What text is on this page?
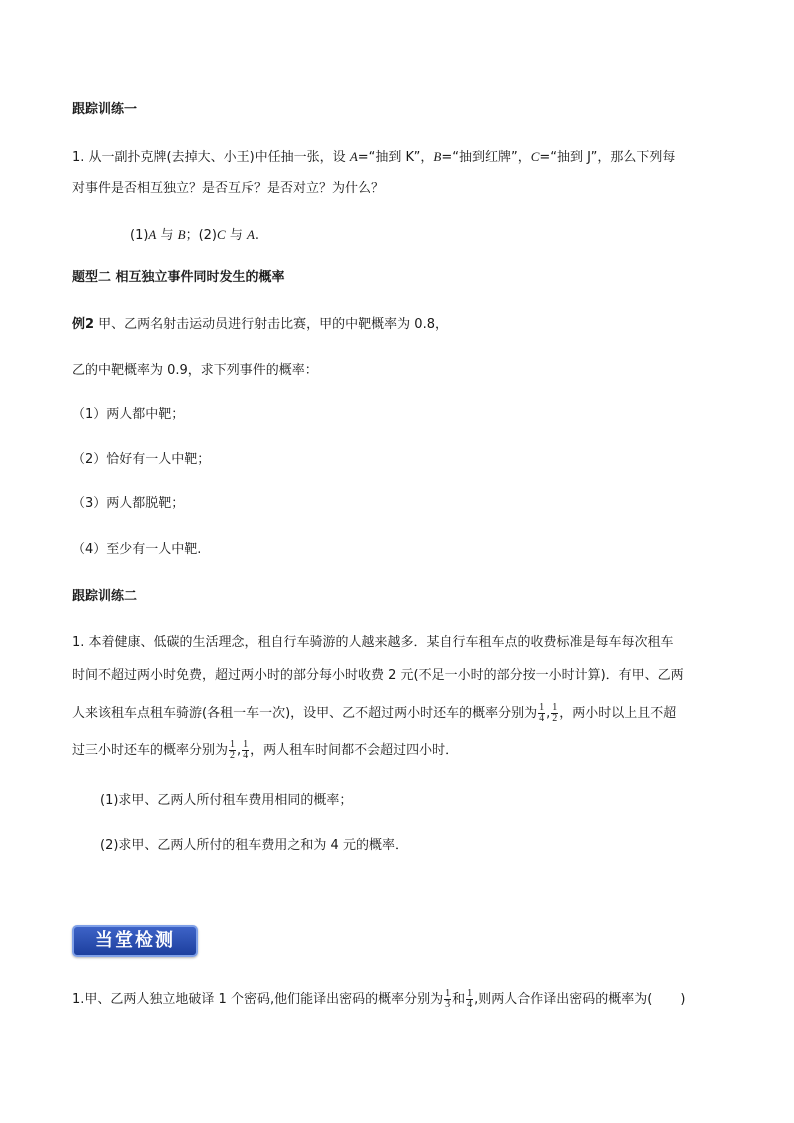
跟踪训练一
1. 从一副扑克牌(去掉大、小王)中任抽一张，设 A=“抽到 K”，B=“抽到红牌”，C=“抽到 J”，那么下列每
对事件是否相互独立？是否互斥？是否对立？为什么？
(1)A 与 B；(2)C 与 A.
题型二 相互独立事件同时发生的概率
例2 甲、乙两名射击运动员进行射击比赛，甲的中靶概率为 0.8，
乙的中靶概率为 0.9，求下列事件的概率：
（1）两人都中靶；
（2）恰好有一人中靶；
（3）两人都脱靶；
（4）至少有一人中靶.
跟踪训练二
1. 本着健康、低碳的生活理念，租自行车骑游的人越来越多．某自行车租车点的收费标准是每车每次租车
时间不超过两小时免费，超过两小时的部分每小时收费 2 元(不足一小时的部分按一小时计算)．有甲、乙两
人来该租车点租车骑游(各租一车一次)，设甲、乙不超过两小时还车的概率分别为 $\frac{1}{4}$ , $\frac{1}{2}$ ，两小时以上且不超
过三小时还车的概率分别为 $\frac{1}{2}$ , $\frac{1}{4}$ ，两人租车时间都不会超过四小时．
(1)求甲、乙两人所付租车费用相同的概率；
(2)求甲、乙两人所付的租车费用之和为 4 元的概率．
当堂检测
1.甲、乙两人独立地破译 1 个密码,他们能译出密码的概率分别为 $\frac{1}{3}$ 和 $\frac{1}{4}$ ,则两人合作译出密码的概率为( )
